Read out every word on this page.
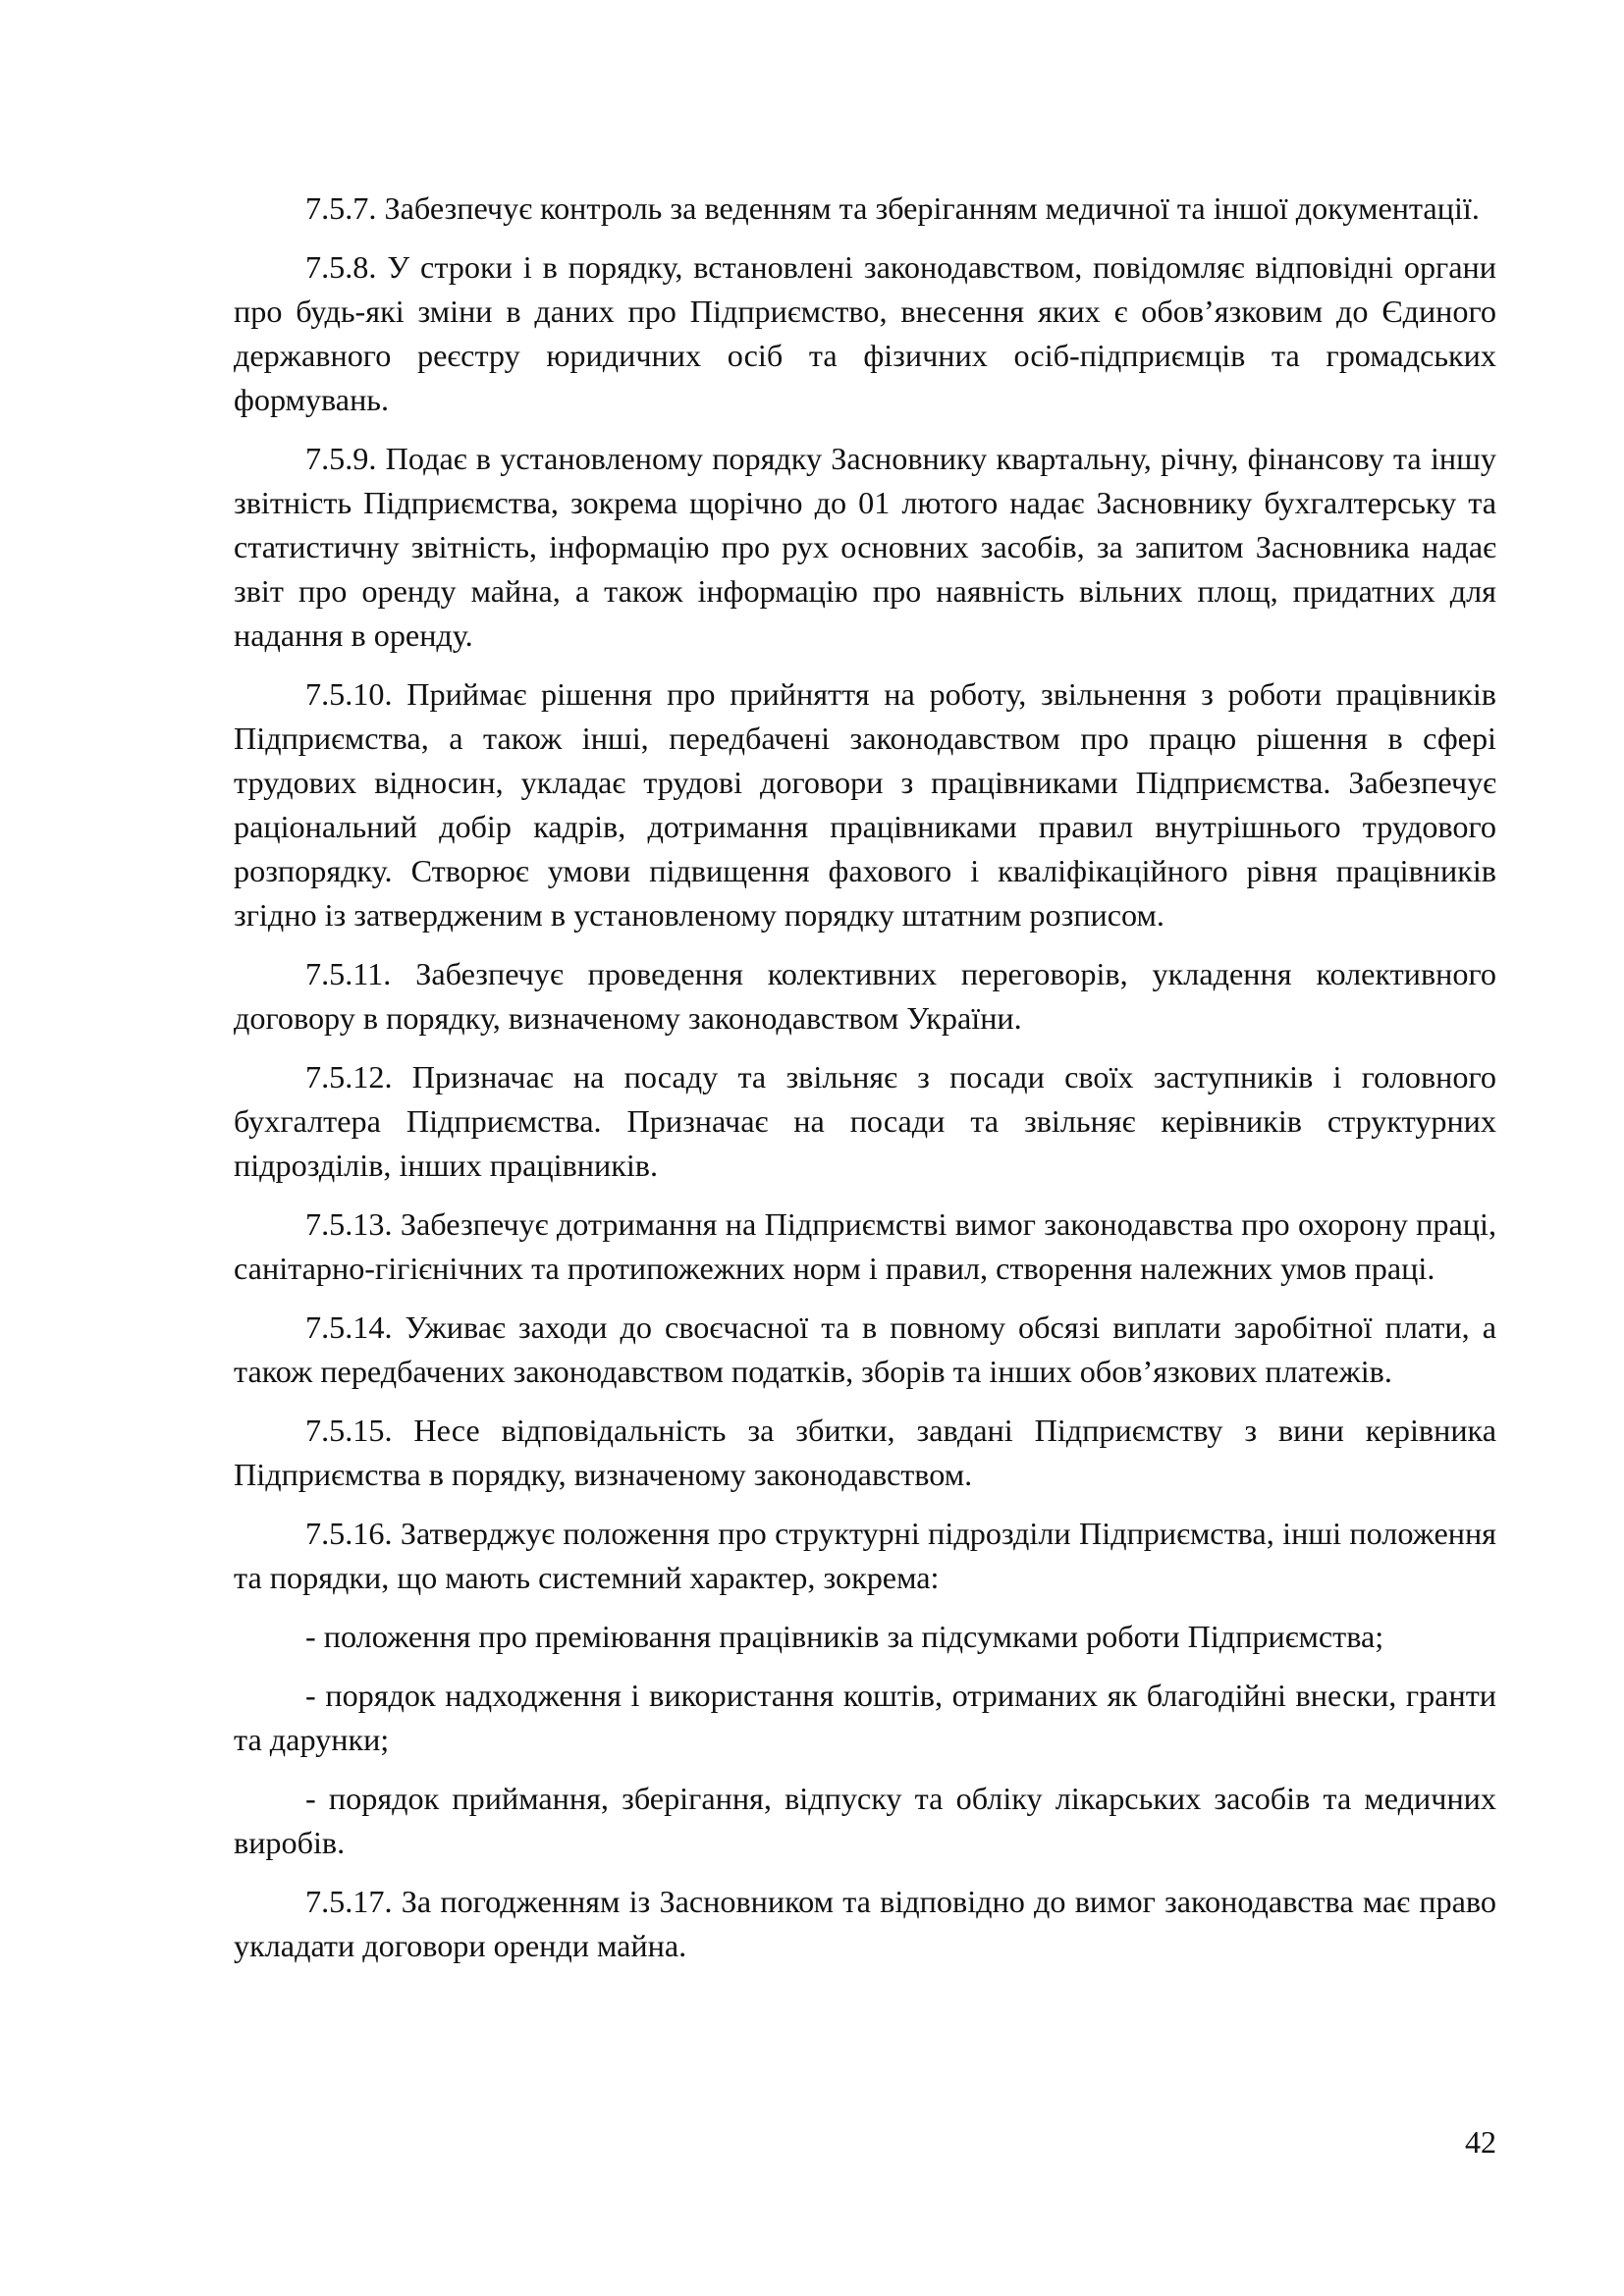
7.5.7. Забезпечує контроль за веденням та зберіганням медичної та іншої документації.

7.5.8. У строки і в порядку, встановлені законодавством, повідомляє відповідні органи про будь-які зміни в даних про Підприємство, внесення яких є обов’язковим до Єдиного державного реєстру юридичних осіб та фізичних осіб-підприємців та громадських формувань.

7.5.9. Подає в установленому порядку Засновнику квартальну, річну, фінансову та іншу звітність Підприємства, зокрема щорічно до 01 лютого надає Засновнику бухгалтерську та статистичну звітність, інформацію про рух основних засобів, за запитом Засновника надає звіт про оренду майна, а також інформацію про наявність вільних площ, придатних для надання в оренду.

7.5.10. Приймає рішення про прийняття на роботу, звільнення з роботи працівників Підприємства, а також інші, передбачені законодавством про працю рішення в сфері трудових відносин, укладає трудові договори з працівниками Підприємства. Забезпечує раціональний добір кадрів, дотримання працівниками правил внутрішнього трудового розпорядку. Створює умови підвищення фахового і кваліфікаційного рівня працівників згідно із затвердженим в установленому порядку штатним розписом.

7.5.11. Забезпечує проведення колективних переговорів, укладення колективного договору в порядку, визначеному законодавством України.

7.5.12. Призначає на посаду та звільняє з посади своїх заступників і головного бухгалтера Підприємства. Призначає на посади та звільняє керівників структурних підрозділів, інших працівників.

7.5.13. Забезпечує дотримання на Підприємстві вимог законодавства про охорону праці, санітарно-гігієнічних та протипожежних норм і правил, створення належних умов праці.

7.5.14. Уживає заходи до своєчасної та в повному обсязі виплати заробітної плати, а також передбачених законодавством податків, зборів та інших обов’язкових платежів.

7.5.15. Несе відповідальність за збитки, завдані Підприємству з вини керівника Підприємства в порядку, визначеному законодавством.

7.5.16. Затверджує положення про структурні підрозділи Підприємства, інші положення та порядки, що мають системний характер, зокрема:

- положення про преміювання працівників за підсумками роботи Підприємства;

- порядок надходження і використання коштів, отриманих як благодійні внески, гранти та дарунки;

- порядок приймання, зберігання, відпуску та обліку лікарських засобів та медичних виробів.

7.5.17. За погодженням із Засновником та відповідно до вимог законодавства має право укладати договори оренди майна.

42
